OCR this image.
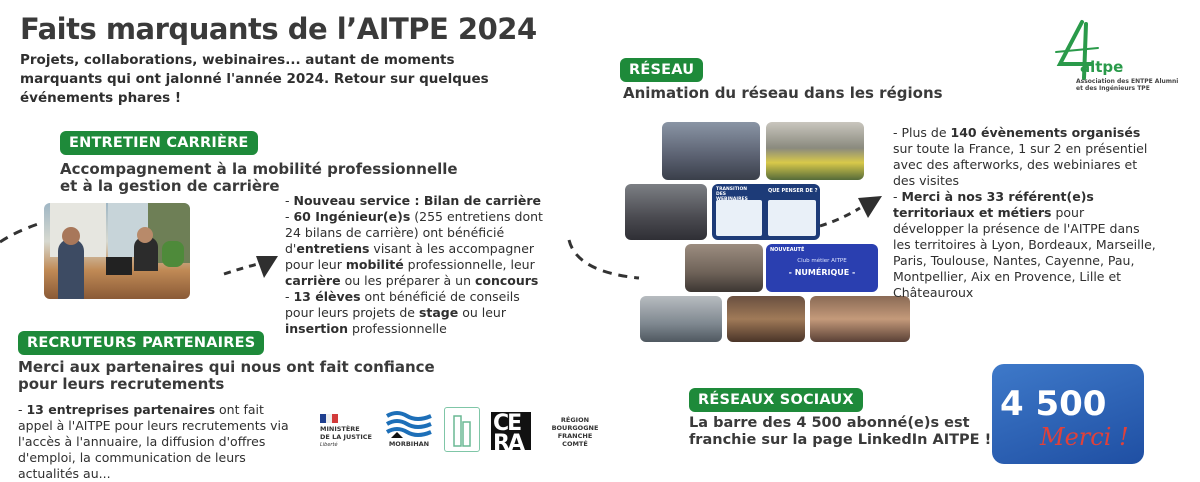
Faits marquants de l’AITPE 2024
Projets, collaborations, webinaires... autant de moments marquants qui ont jalonné l'année 2024. Retour sur quelques événements phares !
aitpe
Association des ENTPE Alumni
et des Ingénieurs TPE
ENTRETIEN CARRIÈRE
Accompagnement à la mobilité professionnelle
et à la gestion de carrière
- Nouveau service : Bilan de carrière
- 60 Ingénieur(e)s (255 entretiens dont 24 bilans de carrière) ont bénéficié d'entretiens visant à les accompagner pour leur mobilité professionnelle, leur carrière ou les préparer à un concours
- 13 élèves ont bénéficié de conseils pour leurs projets de stage ou leur insertion professionnelle
RECRUTEURS PARTENAIRES
Merci aux partenaires qui nous ont fait confiance
pour leurs recrutements
- 13 entreprises partenaires ont fait appel à l'AITPE pour leurs recrutements via l'accès à l'annuaire, la diffusion d'offres d'emploi, la communication de leurs actualités au...
MINISTÈRE
DE LA JUSTICE
Liberté	MORBIHAN
CERA
RÉGION
BOURGOGNE
FRANCHE
COMTÉ
RÉSEAU
Animation du réseau dans les régions
TRANSITION DES
QUE PENSER DE ?
NOUVEAUTÉ
Club métier AITPE
- NUMÉRIQUE -
- Plus de 140 évènements organisés sur toute la France, 1 sur 2 en présentiel avec des afterworks, des webiniares et des visites
- Merci à nos 33 référent(e)s territoriaux et métiers pour développer la présence de l'AITPE dans les territoires à Lyon, Bordeaux, Marseille, Paris, Toulouse, Nantes, Cayenne, Pau, Montpellier, Aix en Provence, Lille et Châteauroux
RÉSEAUX SOCIAUX
La barre des 4 500 abonné(e)s est
franchie sur la page LinkedIn AITPE !
4 500
Merci !
